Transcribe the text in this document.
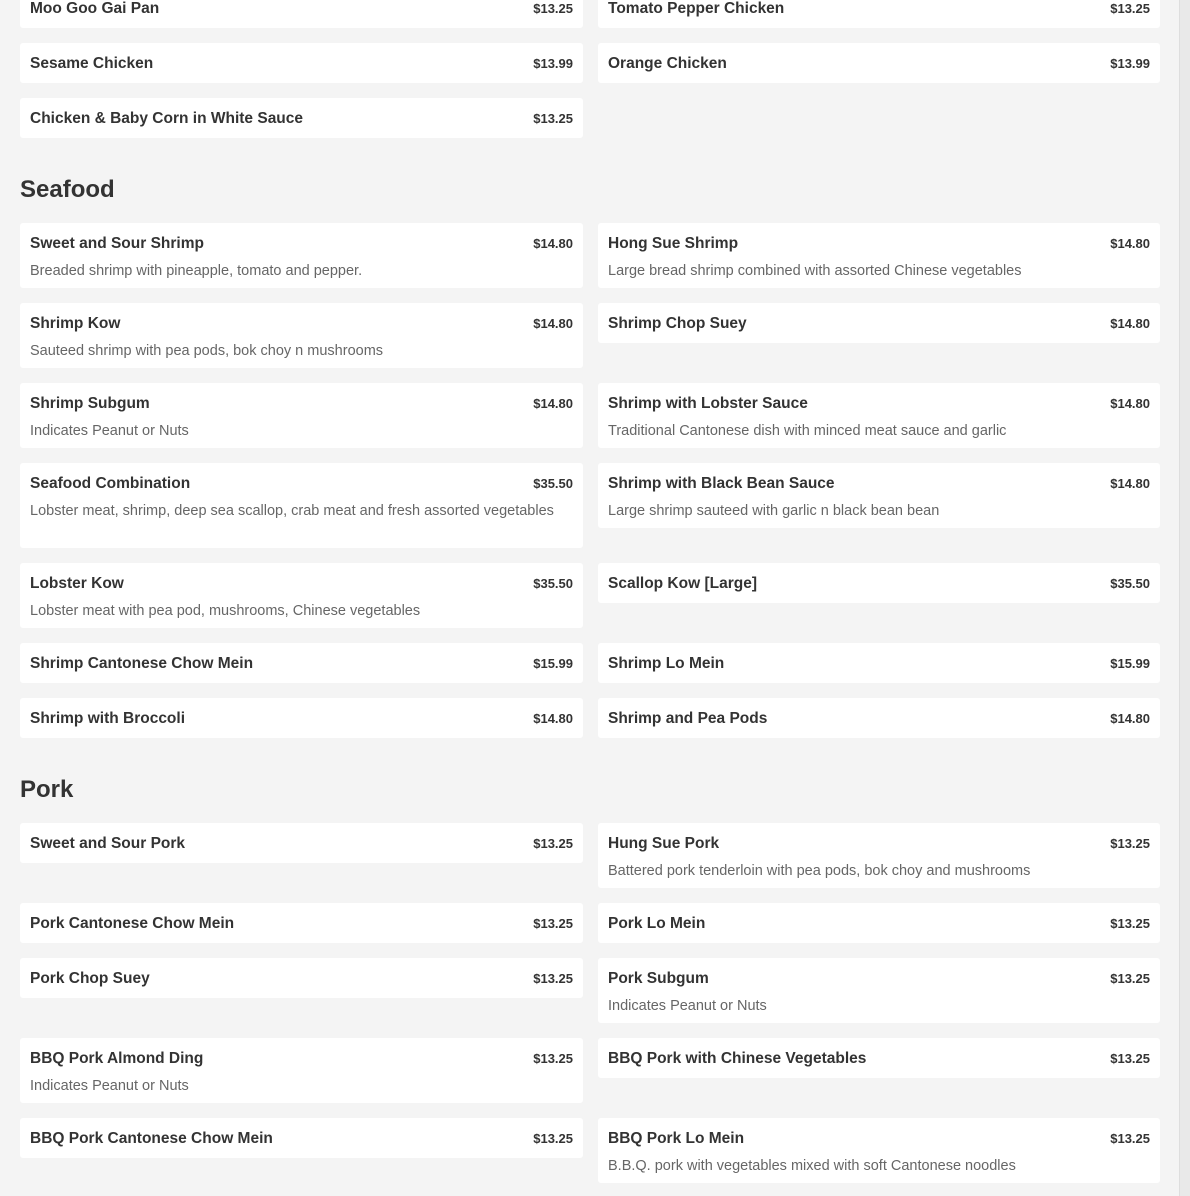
Moo Goo Gai Pan	$13.25 Tomato Pepper Chicken	$13.25
Sesame Chicken	$13.99 Orange Chicken	$13.99
Chicken & Baby Corn in White Sauce	$13.25
Seafood
Sweet and Sour Shrimp	$14.80
Breaded shrimp with pineapple, tomato and pepper.
Hong Sue Shrimp	$14.80
Large bread shrimp combined with assorted Chinese vegetables
Shrimp Kow	$14.80
Sauteed shrimp with pea pods, bok choy n mushrooms
Shrimp Chop Suey	$14.80
Shrimp Subgum	$14.80
Indicates Peanut or Nuts
Shrimp with Lobster Sauce	$14.80
Traditional Cantonese dish with minced meat sauce and garlic
Seafood Combination	$35.50
Lobster meat, shrimp, deep sea scallop, crab meat and fresh assorted vegetables
Shrimp with Black Bean Sauce	$14.80
Large shrimp sauteed with garlic n black bean bean
Lobster Kow	$35.50
Lobster meat with pea pod, mushrooms, Chinese vegetables
Scallop Kow [Large]	$35.50
Shrimp Cantonese Chow Mein	$15.99 Shrimp Lo Mein	$15.99
Shrimp with Broccoli	$14.80 Shrimp and Pea Pods	$14.80
Pork
Sweet and Sour Pork	$13.25 Hung Sue Pork	$13.25
Battered pork tenderloin with pea pods, bok choy and mushrooms
Pork Cantonese Chow Mein	$13.25 Pork Lo Mein	$13.25
Pork Chop Suey	$13.25 Pork Subgum	$13.25
Indicates Peanut or Nuts
BBQ Pork Almond Ding	$13.25
Indicates Peanut or Nuts
BBQ Pork with Chinese Vegetables	$13.25
BBQ Pork Cantonese Chow Mein	$13.25 BBQ Pork Lo Mein	$13.25
B.B.Q. pork with vegetables mixed with soft Cantonese noodles
